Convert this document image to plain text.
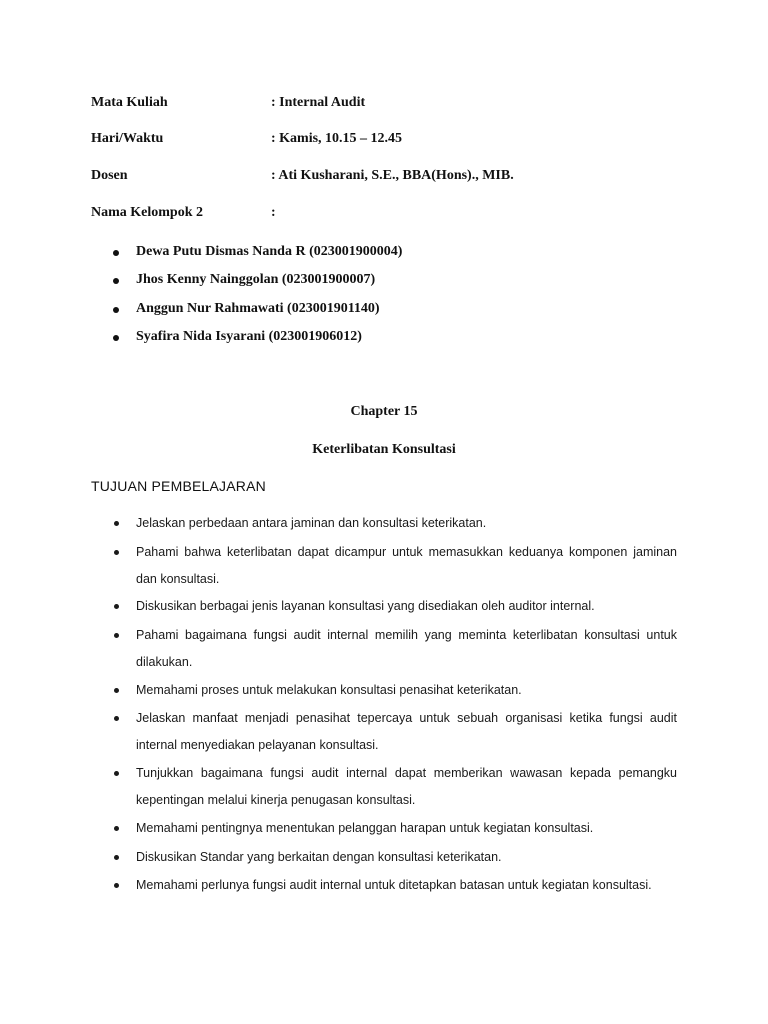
Mata Kuliah	: Internal Audit
Hari/Waktu	: Kamis, 10.15 – 12.45
Dosen	: Ati Kusharani, S.E., BBA(Hons)., MIB.
Nama Kelompok 2	:
Dewa Putu Dismas Nanda R (023001900004)
Jhos Kenny Nainggolan (023001900007)
Anggun Nur Rahmawati (023001901140)
Syafira Nida Isyarani (023001906012)
Chapter 15
Keterlibatan Konsultasi
TUJUAN PEMBELAJARAN
Jelaskan perbedaan antara jaminan dan konsultasi keterikatan.
Pahami bahwa keterlibatan dapat dicampur untuk memasukkan keduanya komponen jaminan dan konsultasi.
Diskusikan berbagai jenis layanan konsultasi yang disediakan oleh auditor internal.
Pahami bagaimana fungsi audit internal memilih yang meminta keterlibatan konsultasi untuk dilakukan.
Memahami proses untuk melakukan konsultasi penasihat keterikatan.
Jelaskan manfaat menjadi penasihat tepercaya untuk sebuah organisasi ketika fungsi audit internal menyediakan pelayanan konsultasi.
Tunjukkan bagaimana fungsi audit internal dapat memberikan wawasan kepada pemangku kepentingan melalui kinerja penugasan konsultasi.
Memahami pentingnya menentukan pelanggan harapan untuk kegiatan konsultasi.
Diskusikan Standar yang berkaitan dengan konsultasi keterikatan.
Memahami perlunya fungsi audit internal untuk ditetapkan batasan untuk kegiatan konsultasi.
